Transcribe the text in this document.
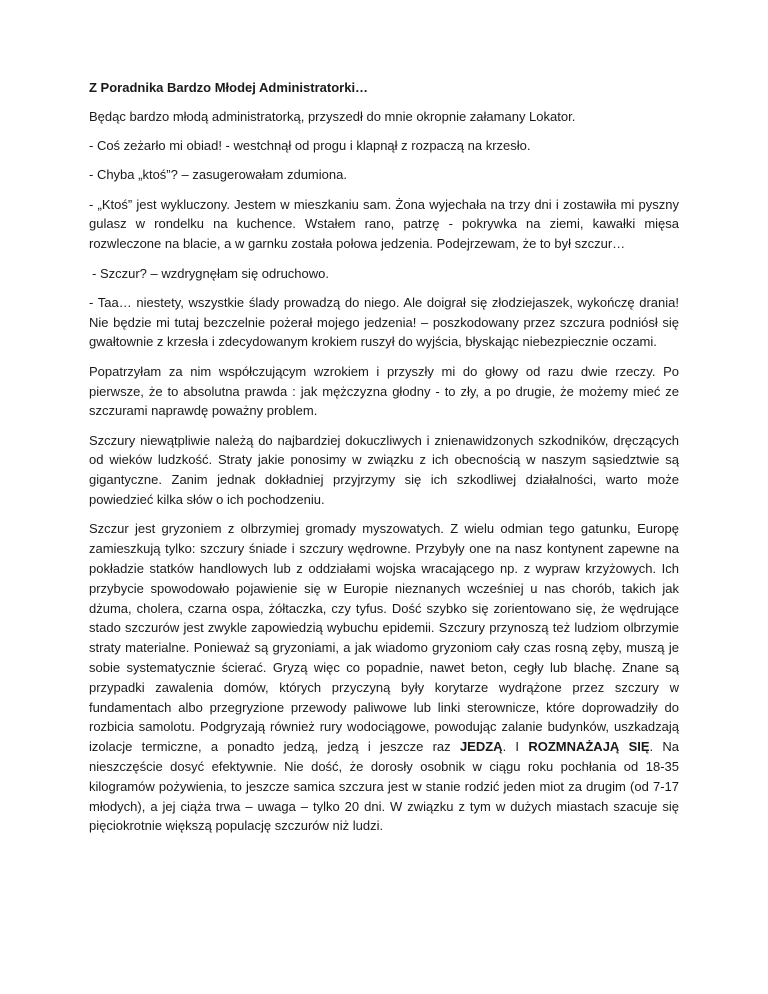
Z Poradnika Bardzo Młodej Administratorki…

Będąc bardzo młodą administratorką, przyszedł do mnie okropnie załamany Lokator.

- Coś zeżarło mi obiad! - westchnął od progu i klapnął z rozpaczą na krzesło.

- Chyba „ktoś”? – zasugerowałam zdumiona.

- „Ktoś” jest wykluczony. Jestem w mieszkaniu sam. Żona wyjechała na trzy dni i zostawiła mi pyszny gulasz w rondelku na kuchence. Wstałem rano, patrzę - pokrywka na ziemi, kawałki mięsa rozwleczone na blacie, a w garnku została połowa jedzenia. Podejrzewam, że to był szczur…

- Szczur? – wzdrygnęłam się odruchowo.

- Taa… niestety, wszystkie ślady prowadzą do niego. Ale doigrał się złodziejaszek, wykończę drania! Nie będzie mi tutaj bezczelnie pożerał mojego jedzenia! – poszkodowany przez szczura podniósł się gwałtownie z krzesła i zdecydowanym krokiem ruszył do wyjścia, błyskając niebezpiecznie oczami.

Popatrzyłam za nim współczującym wzrokiem i przyszły mi do głowy od razu dwie rzeczy. Po pierwsze, że to absolutna prawda : jak mężczyzna głodny - to zły, a po drugie, że możemy mieć ze szczurami naprawdę poważny problem.

Szczury niewątpliwie należą do najbardziej dokuczliwych i znienawidzonych szkodników, dręczących od wieków ludzkość. Straty jakie ponosimy w związku z ich obecnością w naszym sąsiedztwie są gigantyczne. Zanim jednak dokładniej przyjrzymy się ich szkodliwej działalności, warto może powiedzieć kilka słów o ich pochodzeniu.

Szczur jest gryzoniem z olbrzymiej gromady myszowatych. Z wielu odmian tego gatunku, Europę zamieszkują tylko: szczury śniade i szczury wędrowne. Przybyły one na nasz kontynent zapewne na pokładzie statków handlowych lub z oddziałami wojska wracającego np. z wypraw krzyżowych. Ich przybycie spowodowało pojawienie się w Europie nieznanych wcześniej u nas chorób, takich jak dżuma, cholera, czarna ospa, żółtaczka, czy tyfus. Dość szybko się zorientowano się, że wędrujące stado szczurów jest zwykle zapowiedzią wybuchu epidemii. Szczury przynoszą też ludziom olbrzymie straty materialne. Ponieważ są gryzoniami, a jak wiadomo gryzoniom cały czas rosną zęby, muszą je sobie systematycznie ścierać. Gryzą więc co popadnie, nawet beton, cegły lub blachę. Znane są przypadki zawalenia domów, których przyczyną były korytarze wydrążone przez szczury w fundamentach albo przegryzione przewody paliwowe lub linki sterownicze, które doprowadziły do rozbicia samolotu. Podgryzają również rury wodociągowe, powodując zalanie budynków, uszkadzają izolacje termiczne, a ponadto jedzą, jedzą i jeszcze raz JEDZĄ. I ROZMNAŻAJĄ SIĘ. Na nieszczęście dosyć efektywnie. Nie dość, że dorosły osobnik w ciągu roku pochłania od 18-35 kilogramów pożywienia, to jeszcze samica szczura jest w stanie rodzić jeden miot za drugim (od 7-17 młodych), a jej ciąża trwa – uwaga – tylko 20 dni. W związku z tym w dużych miastach szacuje się pięciokrotnie większą populację szczurów niż ludzi.
